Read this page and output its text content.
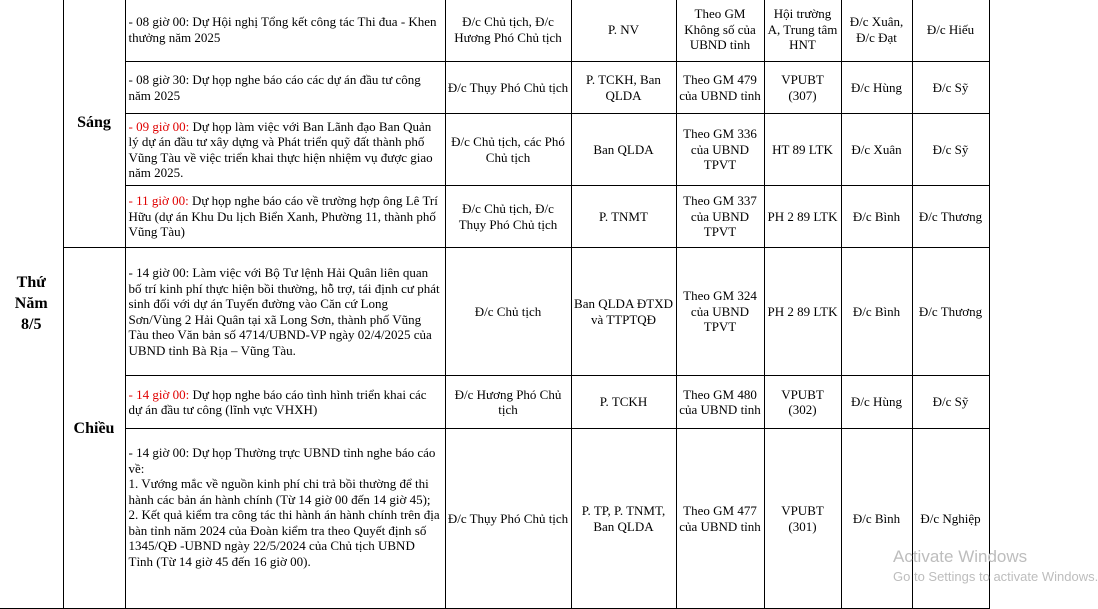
Thứ
Năm
8/5	Sáng	- 08 giờ 00: Dự Hội nghị Tổng kết công tác Thi đua - Khen thưởng năm 2025	Đ/c Chủ tịch, Đ/c Hương Phó Chủ tịch	P. NV	Theo GM Không số của UBND tỉnh	Hội trường A, Trung tâm HNT	Đ/c Xuân, Đ/c Đạt	Đ/c Hiếu
		- 08 giờ 30: Dự họp nghe báo cáo các dự án đầu tư công năm 2025	Đ/c Thụy Phó Chủ tịch	P. TCKH, Ban QLDA	Theo GM 479 của UBND tỉnh	VPUBT (307)	Đ/c Hùng	Đ/c Sỹ
		- 09 giờ 00: Dự họp làm việc với Ban Lãnh đạo Ban Quản lý dự án đầu tư xây dựng và Phát triển quỹ đất thành phố Vũng Tàu về việc triển khai thực hiện nhiệm vụ được giao năm 2025.	Đ/c Chủ tịch, các Phó Chủ tịch	Ban QLDA	Theo GM 336 của UBND TPVT	HT 89 LTK	Đ/c Xuân	Đ/c Sỹ
		- 11 giờ 00: Dự họp nghe báo cáo về trường hợp ông Lê Trí Hữu (dự án Khu Du lịch Biển Xanh, Phường 11, thành phố Vũng Tàu)	Đ/c Chủ tịch, Đ/c Thụy Phó Chủ tịch	P. TNMT	Theo GM 337 của UBND TPVT	PH 2 89 LTK	Đ/c Bình	Đ/c Thương
	Chiều	- 14 giờ 00: Làm việc với Bộ Tư lệnh Hải Quân liên quan bố trí kinh phí thực hiện bồi thường, hỗ trợ, tái định cư phát sinh đối với dự án Tuyến đường vào Căn cứ Long Sơn/Vùng 2 Hải Quân tại xã Long Sơn, thành phố Vũng Tàu theo Văn bản số 4714/UBND-VP ngày 02/4/2025 của UBND tỉnh Bà Rịa – Vũng Tàu.	Đ/c Chủ tịch	Ban QLDA ĐTXD và TTPTQĐ	Theo GM 324 của UBND TPVT	PH 2 89 LTK	Đ/c Bình	Đ/c Thương
		- 14 giờ 00: Dự họp nghe báo cáo tình hình triển khai các dự án đầu tư công (lĩnh vực VHXH)	Đ/c Hương Phó Chủ tịch	P. TCKH	Theo GM 480 của UBND tỉnh	VPUBT (302)	Đ/c Hùng	Đ/c Sỹ

		- 14 giờ 00: Dự họp Thường trực UBND tỉnh nghe báo cáo về:
1. Vướng mắc về nguồn kinh phí chi trả bồi thường để thi hành các bản án hành chính (Từ 14 giờ 00 đến 14 giờ 45);
2. Kết quả kiểm tra công tác thi hành án hành chính trên địa bàn tỉnh năm 2024 của Đoàn kiểm tra theo Quyết định số 1345/QĐ -UBND ngày 22/5/2024 của Chủ tịch UBND Tỉnh (Từ 14 giờ 45 đến 16 giờ 00).	Đ/c Thụy Phó Chủ tịch	P. TP, P. TNMT, Ban QLDA	Theo GM 477 của UBND tỉnh	VPUBT (301)	Đ/c Bình	Đ/c Nghiệp
Activate Windows
Go to Settings to activate Windows.
